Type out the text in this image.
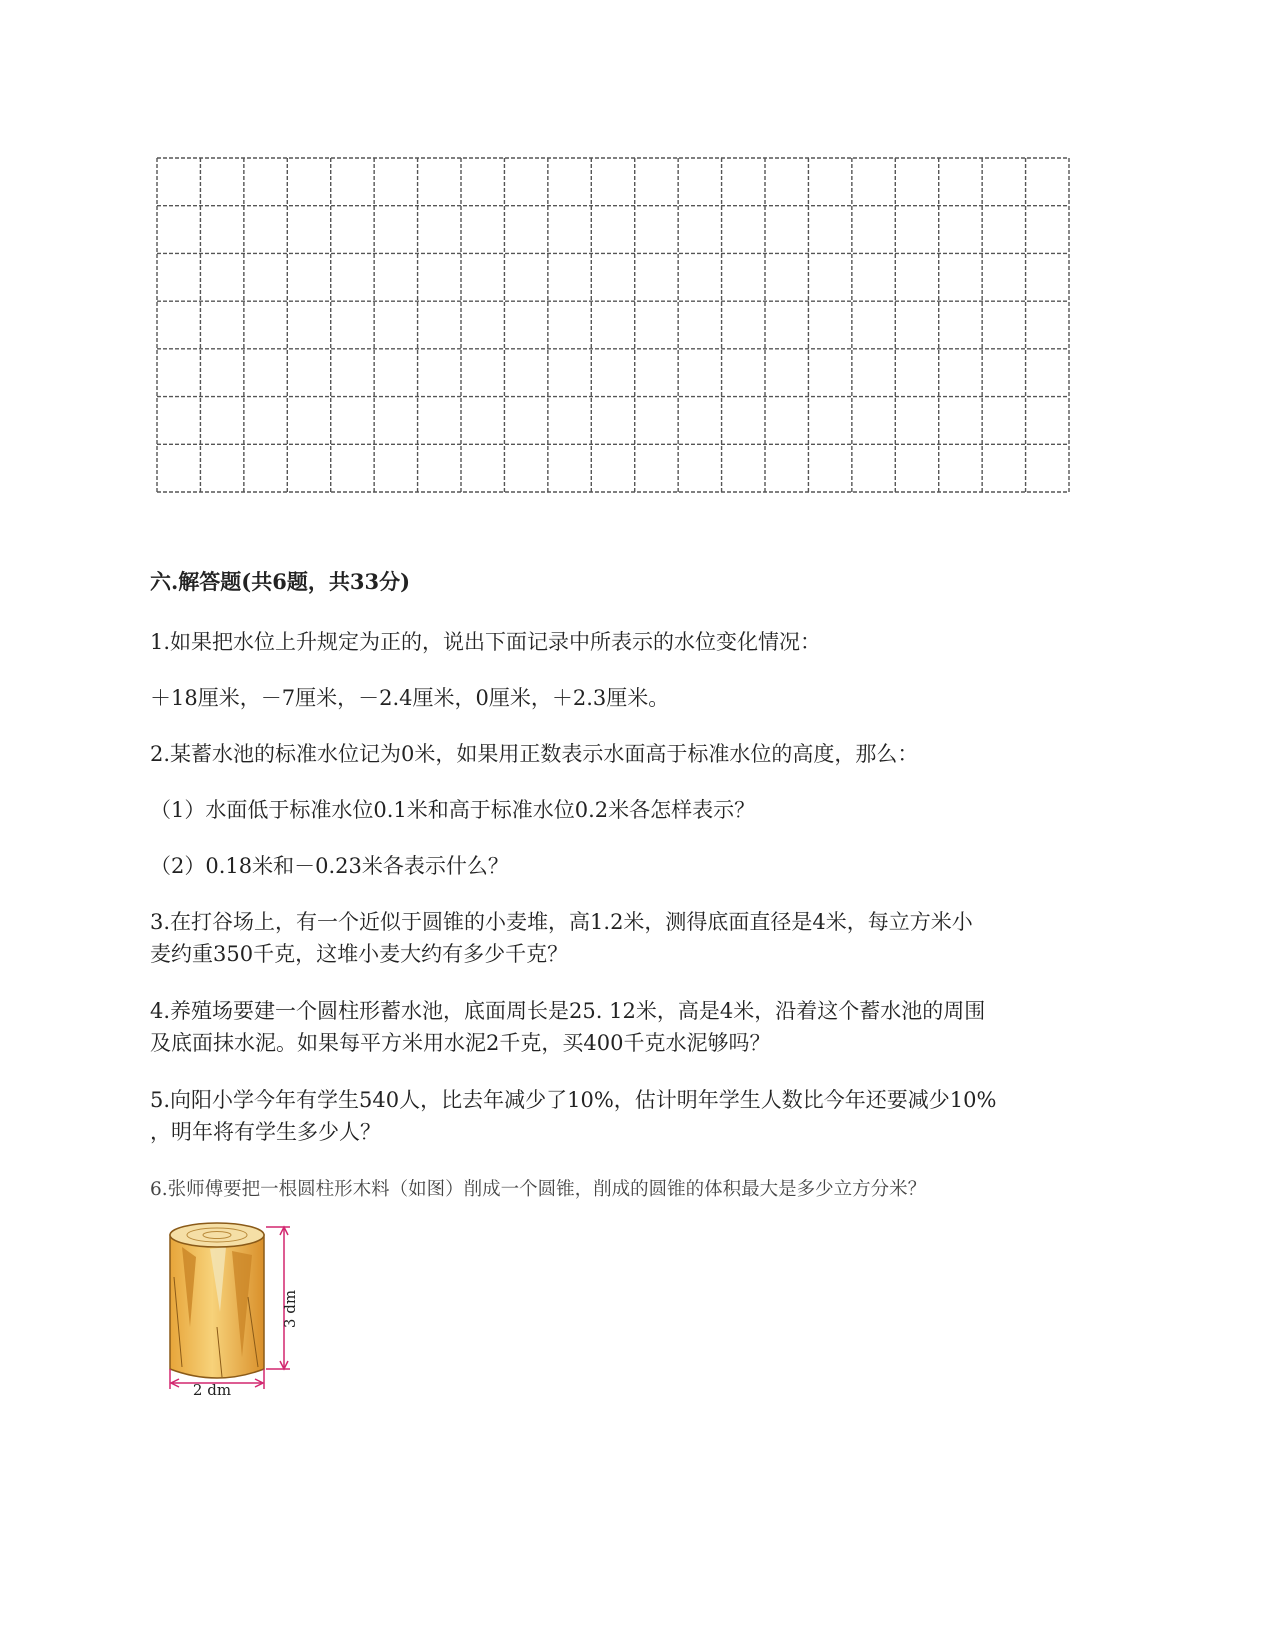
六.解答题(共6题，共33分)
1.如果把水位上升规定为正的，说出下面记录中所表示的水位变化情况：
＋18厘米，－7厘米，－2.4厘米，0厘米，＋2.3厘米。
2.某蓄水池的标准水位记为0米，如果用正数表示水面高于标准水位的高度，那么：
（1）水面低于标准水位0.1米和高于标准水位0.2米各怎样表示？
（2）0.18米和－0.23米各表示什么？
3.在打谷场上，有一个近似于圆锥的小麦堆，高1.2米，测得底面直径是4米，每立方米小
麦约重350千克，这堆小麦大约有多少千克？
4.养殖场要建一个圆柱形蓄水池，底面周长是25. 12米，高是4米，沿着这个蓄水池的周围
及底面抹水泥。如果每平方米用水泥2千克，买400千克水泥够吗？
5.向阳小学今年有学生540人，比去年减少了10%，估计明年学生人数比今年还要减少10%
，明年将有学生多少人？
6.张师傅要把一根圆柱形木料（如图）削成一个圆锥，削成的圆锥的体积最大是多少立方分米？
3 dm
2 dm
